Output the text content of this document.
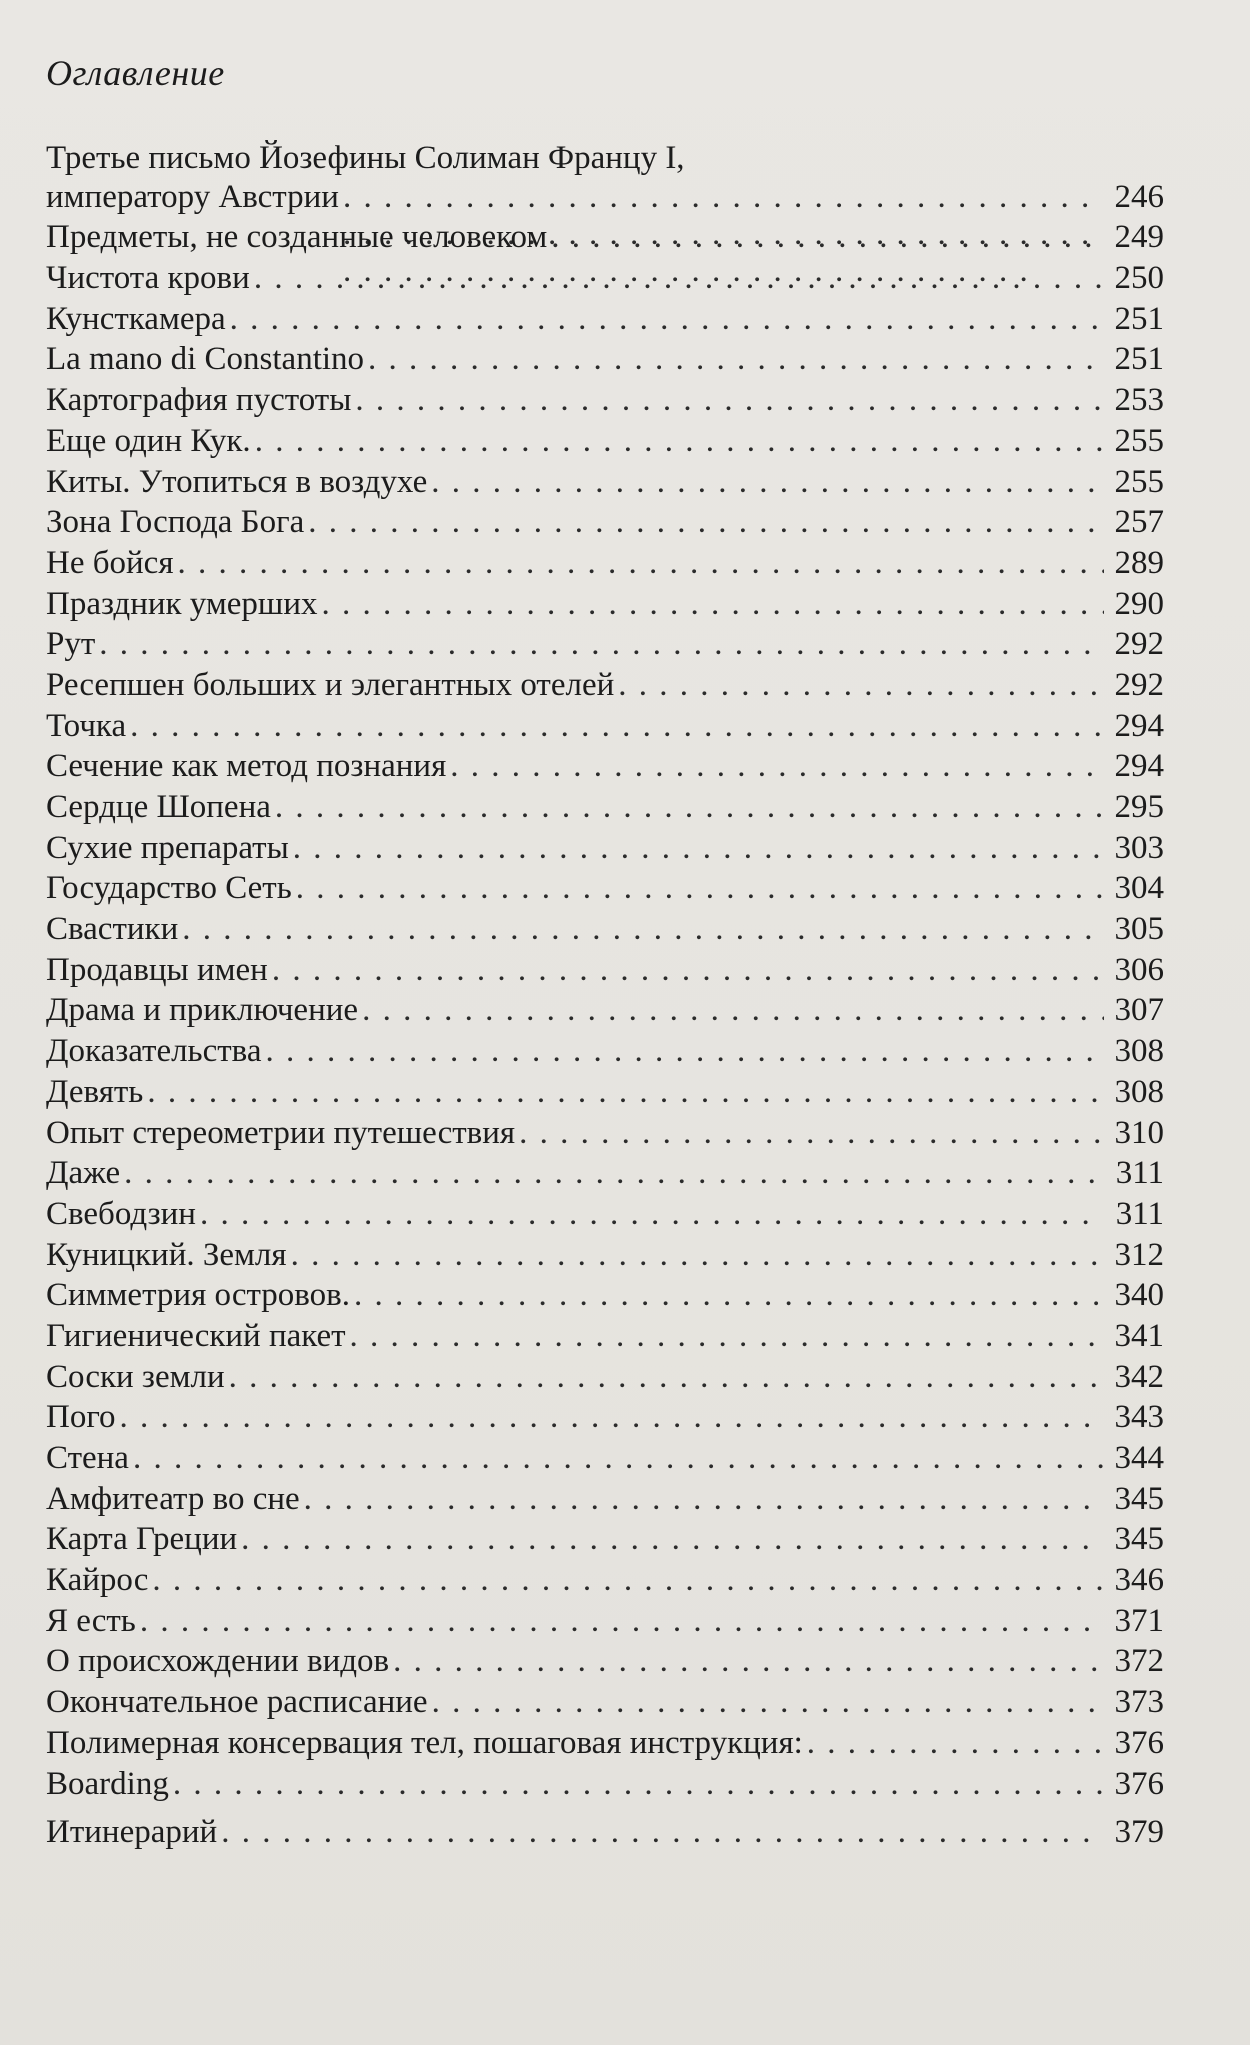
Оглавление
Третье письмо Йозефины Солиман Францу I,
императору Австрии . . .	246
Предметы, не созданные человеком . . .	249
Чистота крови . . .	250
Кунсткамера . . .	251
La mano di Constantino . . .	251
Картография пустоты . . .	253
Еще один Кук. . . .	255
Киты. Утопиться в воздухе . . .	255
Зона Господа Бога . . .	257
Не бойся . . .	289
Праздник умерших . . .	290
Рут . . .	292
Ресепшен больших и элегантных отелей . . .	292
Точка . . .	294
Сечение как метод познания . . .	294
Сердце Шопена . . .	295
Сухие препараты . . .	303
Государство Сеть . . .	304
Свастики . . .	305
Продавцы имен . . .	306
Драма и приключение . . .	307
Доказательства . . .	308
Девять . . .	308
Опыт стереометрии путешествия . . .	310
Даже . . .	311
Свебодзин . . .	311
Куницкий. Земля . . .	312
Симметрия островов. . . .	340
Гигиенический пакет . . .	341
Соски земли . . .	342
Пого . . .	343
Стена . . .	344
Амфитеатр во сне . . .	345
Карта Греции . . .	345
Кайрос . . .	346
Я есть . . .	371
О происхождении видов . . .	372
Окончательное расписание . . .	373
Полимерная консервация тел, пошаговая инструкция: . . .	376
Boarding . . .	376
Итинерарий . . .	379
